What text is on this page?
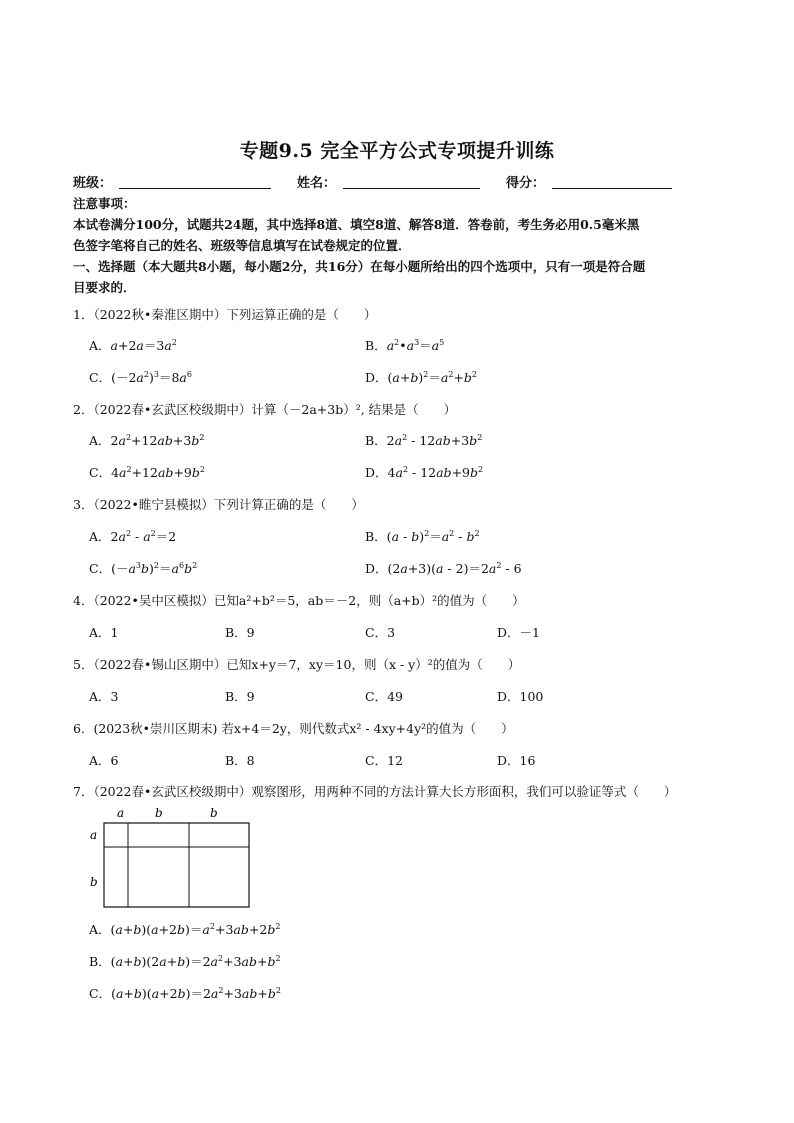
专题9.5 完全平方公式专项提升训练
班级：	姓名：	得分：
注意事项：
本试卷满分100分，试题共24题，其中选择8道、填空8道、解答8道．答卷前，考生务必用0.5毫米黑
色签字笔将自己的姓名、班级等信息填写在试卷规定的位置．
一、选择题（本大题共8小题，每小题2分，共16分）在每小题所给出的四个选项中，只有一项是符合题
目要求的．
1．（2022秋•秦淮区期中）下列运算正确的是（　　）
A．$a+2a=3a^2$	B．$a^2•a^3=a^5$
C．$(-2a^2)^3=8a^6$	D．$(a+b)^2=a^2+b^2$
2．（2022春•玄武区校级期中）计算（－2a+3b）², 结果是（　　）
A．$2a^2+12ab+3b^2$	B．$2a^2 - 12ab+3b^2$
C．$4a^2+12ab+9b^2$	D．$4a^2 - 12ab+9b^2$
3．（2022•睢宁县模拟）下列计算正确的是（　　）
A．$2a^2 - a^2=2$	B．$(a - b)^2=a^2 - b^2$
C．$(-a^3b)^2=a^6b^2$	D．$(2a+3)(a - 2)=2a^2 - 6$
4．（2022•吴中区模拟）已知a²+b²＝5，ab＝－2，则（a+b）²的值为（　　）
A．1	B．9	C．3	D．－1
5．（2022春•锡山区期中）已知x+y＝7，xy＝10，则（x - y）²的值为（　　）
A．3	B．9	C．49	D．100
6．(2023秋•崇川区期末) 若x+4＝2y，则代数式x² - 4xy+4y²的值为（　　）
A．6	B．8	C．12	D．16
7．（2022春•玄武区校级期中）观察图形，用两种不同的方法计算大长方形面积，我们可以验证等式（　　）
a	b	b
a
b
A．$(a+b)(a+2b)=a^2+3ab+2b^2$
B．$(a+b)(2a+b)=2a^2+3ab+b^2$
C．$(a+b)(a+2b)=2a^2+3ab+b^2$
